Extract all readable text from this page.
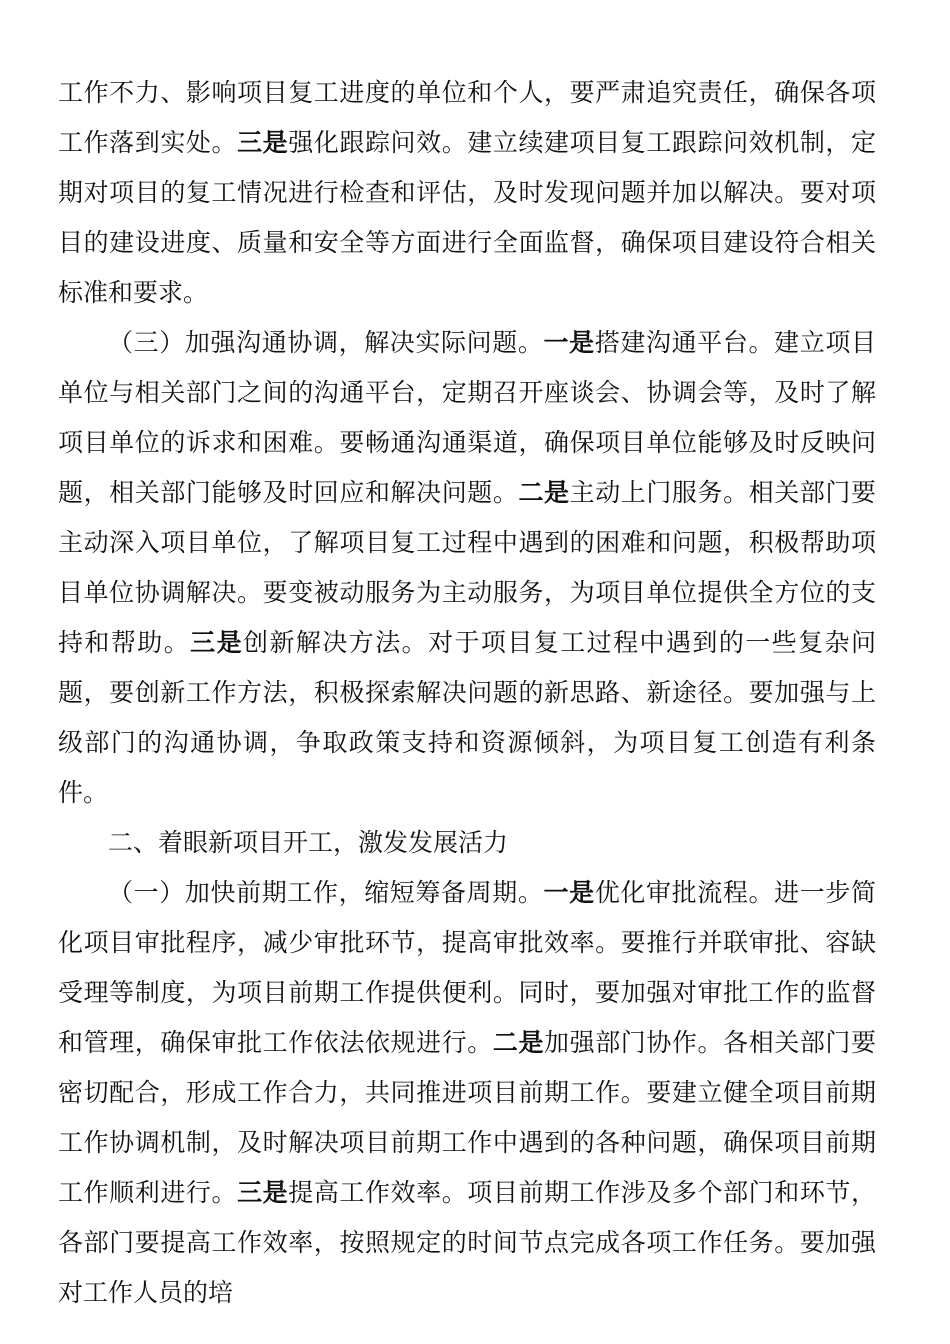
工作不力、影响项目复工进度的单位和个人，要严肃追究责任，确保各项工作落到实处。三是强化跟踪问效。建立续建项目复工跟踪问效机制，定期对项目的复工情况进行检查和评估，及时发现问题并加以解决。要对项目的建设进度、质量和安全等方面进行全面监督，确保项目建设符合相关标准和要求。

（三）加强沟通协调，解决实际问题。一是搭建沟通平台。建立项目单位与相关部门之间的沟通平台，定期召开座谈会、协调会等，及时了解项目单位的诉求和困难。要畅通沟通渠道，确保项目单位能够及时反映问题，相关部门能够及时回应和解决问题。二是主动上门服务。相关部门要主动深入项目单位，了解项目复工过程中遇到的困难和问题，积极帮助项目单位协调解决。要变被动服务为主动服务，为项目单位提供全方位的支持和帮助。三是创新解决方法。对于项目复工过程中遇到的一些复杂问题，要创新工作方法，积极探索解决问题的新思路、新途径。要加强与上级部门的沟通协调，争取政策支持和资源倾斜，为项目复工创造有利条件。

二、着眼新项目开工，激发发展活力

（一）加快前期工作，缩短筹备周期。一是优化审批流程。进一步简化项目审批程序，减少审批环节，提高审批效率。要推行并联审批、容缺受理等制度，为项目前期工作提供便利。同时，要加强对审批工作的监督和管理，确保审批工作依法依规进行。二是加强部门协作。各相关部门要密切配合，形成工作合力，共同推进项目前期工作。要建立健全项目前期工作协调机制，及时解决项目前期工作中遇到的各种问题，确保项目前期工作顺利进行。三是提高工作效率。项目前期工作涉及多个部门和环节，各部门要提高工作效率，按照规定的时间节点完成各项工作任务。要加强对工作人员的培
